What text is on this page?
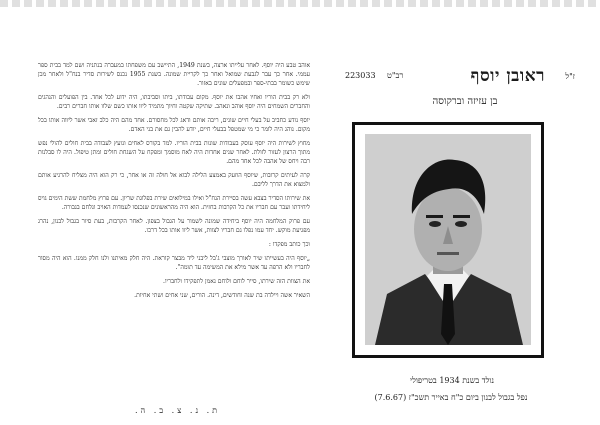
אוהב טבע היה יוסף. לאחר עלייתו ארצה, בשנת 1949, התיישב עם משפחתו במעברה בנתניה ושם למד בבית ספר עממי. אחר כך עבר לגבעת שמואל ואחר כך לקריית שמונה. בשנת 1955 נכנס לשירות סדיר בנח"ל ולאחר מכן שימש כשומר בבתי-ספר ובמפעלים שונים באזור.

ולא רק בבית הוריו ואחיו אהבו את יוסף. מקום עבודתו, ביתו וסביבתו, היה ידוע לכל אחד. בין הפועלים והנהגים והחברים השמחים היה יוסף אוהב ונאהב. שתיקה שקטה וחיוך מתמיד ליוו אותו כשם שלוו אותו חברים רבים.

יוסף נודע כחביב על בעלי חיים שונים, ריבה אותם ודאג לכל מחסורם. אחד מהם היה כלב זאבי אשר ליווה אותו בכל מקום. נוהג היה לומר כי מי שמטפל בבעלי חיים, יודע להבין גם את בני האדם.

מחוץ לשירות היה יוסף עוסק בעבודות שונות בבית הוריו. למד בקורס לאחים ונועץ לעבודה בבית חולים להולי נפש מתוך הרצון לעזור לזולת. לאחר שנים אחדות היה לאח מוסמך ומפקח על השגחת חולים ומתן טיפול. היה לו סבלנות רבה ויחס של אהבה לכל אחד מהם.

קרה לעיתים קרובות, שיוסף הוזעק באמצע הלילה לבוא אל חולה זה או אחר, כי רק הוא היה מצליח להרגיע אותם ולמצוא את הדרך לליבם.

את שירותו הסדיר בצבא עשה בסיירת הנח"ל ואילו במילואים שירת בפלוגת שריון. עם פרוץ מלחמת ששת הימים גויס ליחידתו ועבר עם חבריו את כל הקרבות בחזית. הוא היה מהראשונים שנכנסו לעמדות האויב ונלחם בגבורה.

עם פרוק המלחמה היה יוסף ביחידה שמונה לשמור על הגבול בצפון. לאחר הקרבות, בעת סיור בגבול לבנון, נהרג מפגיעת מוקש. יחד עמו נפלו גם חבריו לצוות, אשר ליוו אותו בכל דרכו.

וכך כותב מפקדו :

„יוסף היה בעשייתו שיר לאורך מוצבי ג'בל ליבני ליד מבצר קוראת. היה חלק מאיתנו ולנו חלק ממנו. הוא היה מסור לחבריו ולא הרפה עד אשר מילא את המשימה עד תומה".

את הצוות הזה שירתו, סייר לוחם ולוחם נאמן לתפקידו ולחבריו.

השאיר אשה ויילדה בת שנה וחודשים, דינה. הורים, שני אחים ושתי אחיות.

ת. נ. צ. ב. ה.
ז"ל
ראובן יוסף
רב"ט
223033
בן עזיזה וברקוסה
נולד בשנת 1934 בטריפולי
נפל בגבול לבנון ביום כ"ח באייר תשכ"ז (7.6.67)
